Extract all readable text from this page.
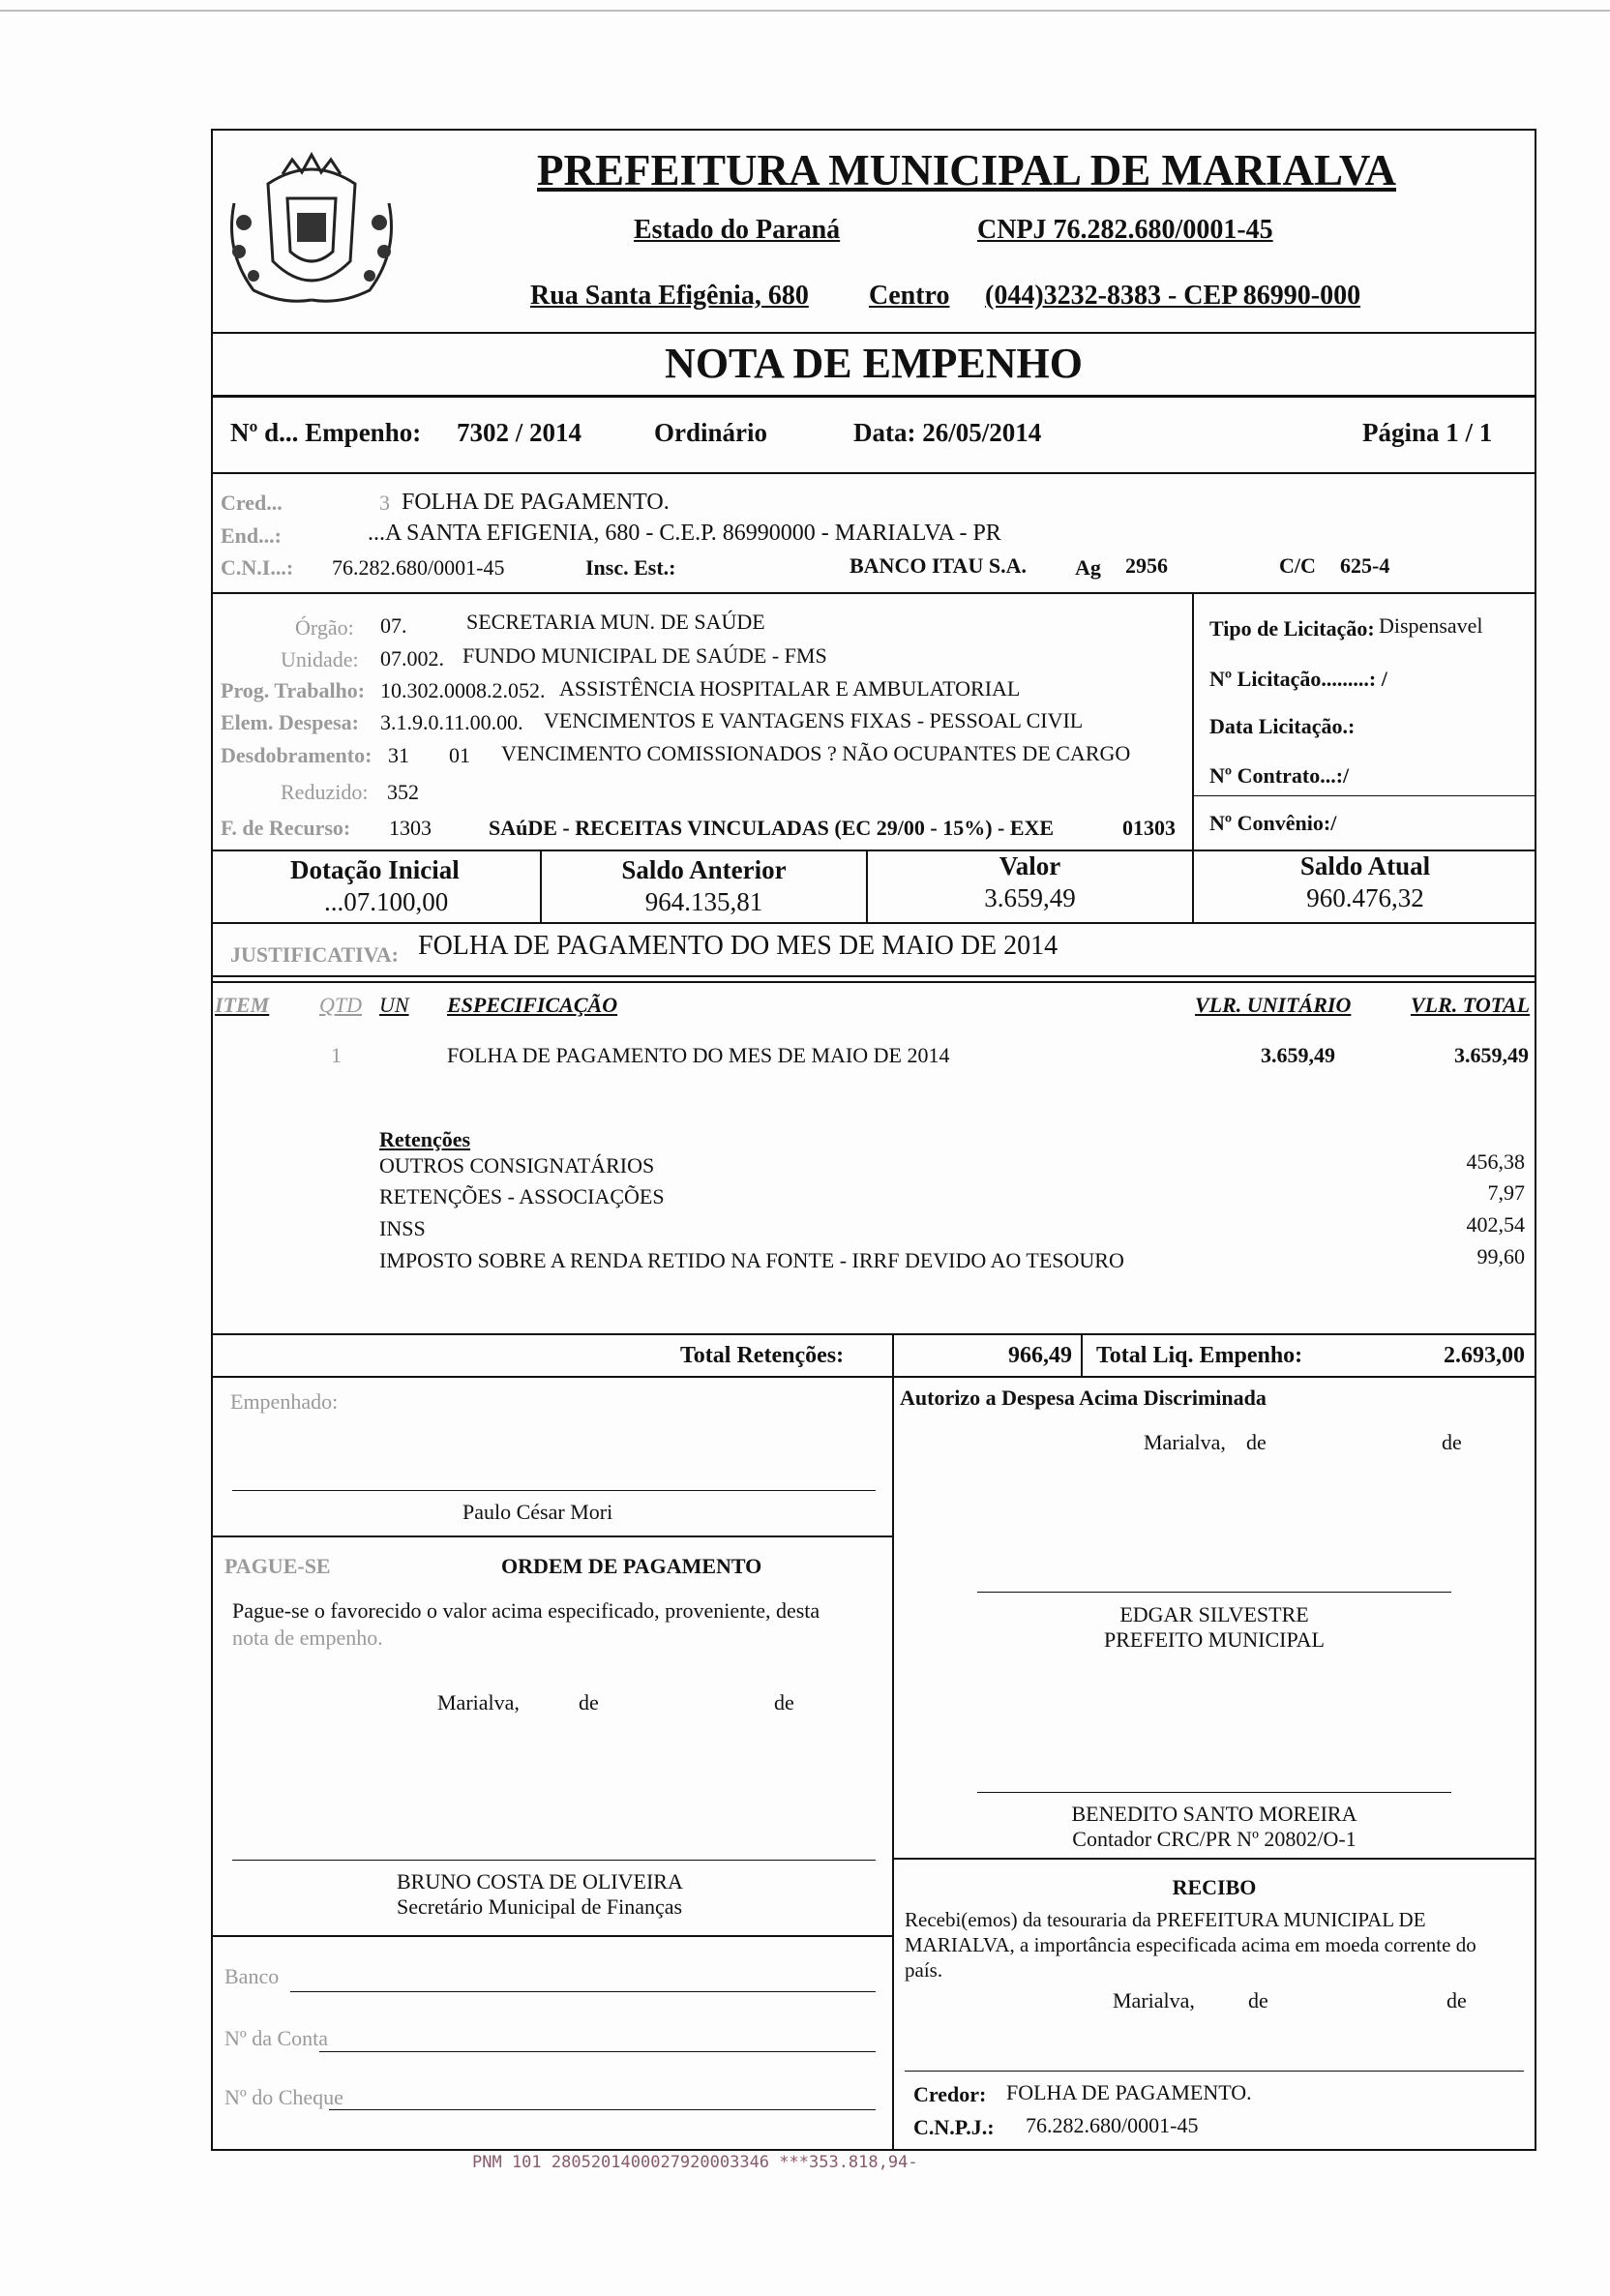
PREFEITURA MUNICIPAL DE MARIALVA
Estado do Paraná	CNPJ 76.282.680/0001-45
Rua Santa Efigênia, 680 Centro (044)3232-8383 - CEP 86990-000
NOTA DE EMPENHO
Nº d... Empenho: 7302 / 2014	Ordinário	Data: 26/05/2014	Página 1 / 1
Cred...	3 FOLHA DE PAGAMENTO.
End...:	...A SANTA EFIGENIA, 680 - C.E.P. 86990000 - MARIALVA - PR
C.N.I...: 76.282.680/0001-45	Insc. Est.:	BANCO ITAU S.A. Ag 2956	C/C 625-4
Órgão: 07.	SECRETARIA MUN. DE SAÚDE
Unidade: 07.002. FUNDO MUNICIPAL DE SAÚDE - FMS
Prog. Trabalho: 10.302.0008.2.052. ASSISTÊNCIA HOSPITALAR E AMBULATORIAL
Elem. Despesa: 3.1.9.0.11.00.00. VENCIMENTOS E VANTAGENS FIXAS - PESSOAL CIVIL
Desdobramento: 31 01 VENCIMENTO COMISSIONADOS ? NÃO OCUPANTES DE CARGO
Reduzido: 352
F. de Recurso: 1303	SAúDE - RECEITAS VINCULADAS (EC 29/00 - 15%) - EXE	01303
Tipo de Licitação: Dispensavel
Nº Licitação.........: /
Data Licitação.:
Nº Contrato...:/
Nº Convênio:/
Dotação Inicial
...07.100,00
Saldo Anterior
964.135,81
Valor
3.659,49
Saldo Atual
960.476,32
JUSTIFICATIVA: FOLHA DE PAGAMENTO DO MES DE MAIO DE 2014
ITEM QTD UN ESPECIFICAÇÃO	VLR. UNITÁRIO	VLR. TOTAL
1	FOLHA DE PAGAMENTO DO MES DE MAIO DE 2014	3.659,49	3.659,49
Retenções
OUTROS CONSIGNATÁRIOS	456,38
RETENÇÕES - ASSOCIAÇÕES	7,97
INSS	402,54
IMPOSTO SOBRE A RENDA RETIDO NA FONTE - IRRF DEVIDO AO TESOURO	99,60
Total Retenções:	966,49 Total Liq. Empenho:	2.693,00
Empenhado:
Paulo César Mori
Autorizo a Despesa Acima Discriminada
Marialva, de	de
PAGUE-SE	ORDEM DE PAGAMENTO
Pague-se o favorecido o valor acima especificado, proveniente, desta
nota de empenho.
Marialva,	de	de
EDGAR SILVESTRE
PREFEITO MUNICIPAL
BENEDITO SANTO MOREIRA
Contador CRC/PR Nº 20802/O-1
BRUNO COSTA DE OLIVEIRA
Secretário Municipal de Finanças
RECIBO
Recebi(emos) da tesouraria da PREFEITURA MUNICIPAL DE
MARIALVA, a importância especificada acima em moeda corrente do
país.
Marialva,	de	de
Banco
Nº da Conta
Nº do Cheque	Credor: FOLHA DE PAGAMENTO.
C.N.P.J.: 76.282.680/0001-45
PNM 101 2805201400027920003346 ***353.818,94-
